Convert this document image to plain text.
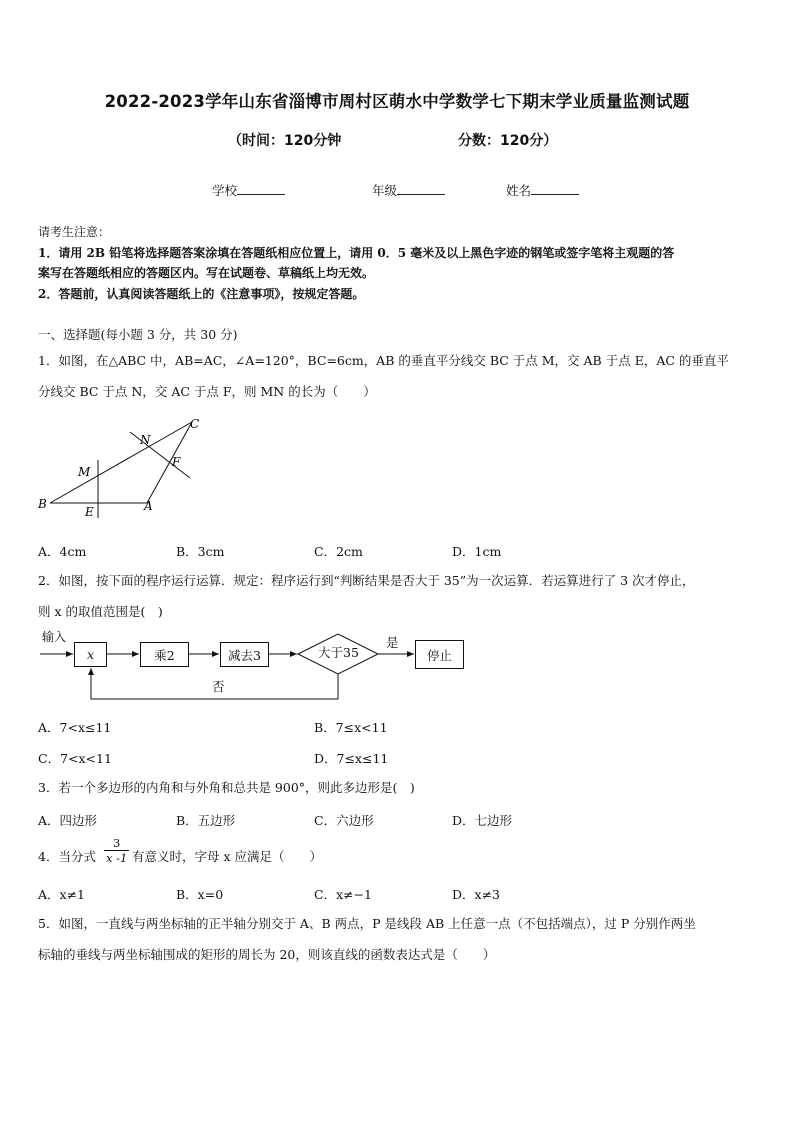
2022-2023学年山东省淄博市周村区萌水中学数学七下期末学业质量监测试题
（时间：120分钟	分数：120分）
学校	年级	姓名
请考生注意：
1．请用 2B 铅笔将选择题答案涂填在答题纸相应位置上，请用 0．5 毫米及以上黑色字迹的钢笔或签字笔将主观题的答
案写在答题纸相应的答题区内。写在试题卷、草稿纸上均无效。
2．答题前，认真阅读答题纸上的《注意事项》，按规定答题。
一、选择题(每小题 3 分，共 30 分)
1．如图，在△ABC 中，AB=AC，∠A=120°，BC=6cm，AB 的垂直平分线交 BC 于点 M，交 AB 于点 E，AC 的垂直平
分线交 BC 于点 N，交 AC 于点 F，则 MN 的长为（　　）
C
N
F
M
B
E	A
A．4cm	B．3cm	C．2cm	D．1cm
2．如图，按下面的程序运行运算．规定：程序运行到“判断结果是否大于 35”为一次运算．若运算进行了 3 次才停止，
则 x 的取值范围是(　)
输入
x	乘2	减去3	大于35
是
停止
否
A．7<x≤11	B．7≤x<11
C．7<x<11	D．7≤x≤11
3．若一个多边形的内角和与外角和总共是 900°，则此多边形是(　)
A．四边形	B．五边形	C．六边形	D．七边形
4．当分式 $\frac{3}{x -1}$ 有意义时，字母 x 应满足（　　）
A．x≠1	B．x=0	C．x≠−1	D．x≠3
5．如图，一直线与两坐标轴的正半轴分别交于 A、B 两点，P 是线段 AB 上任意一点（不包括端点），过 P 分别作两坐
标轴的垂线与两坐标轴围成的矩形的周长为 20，则该直线的函数表达式是（　　）
